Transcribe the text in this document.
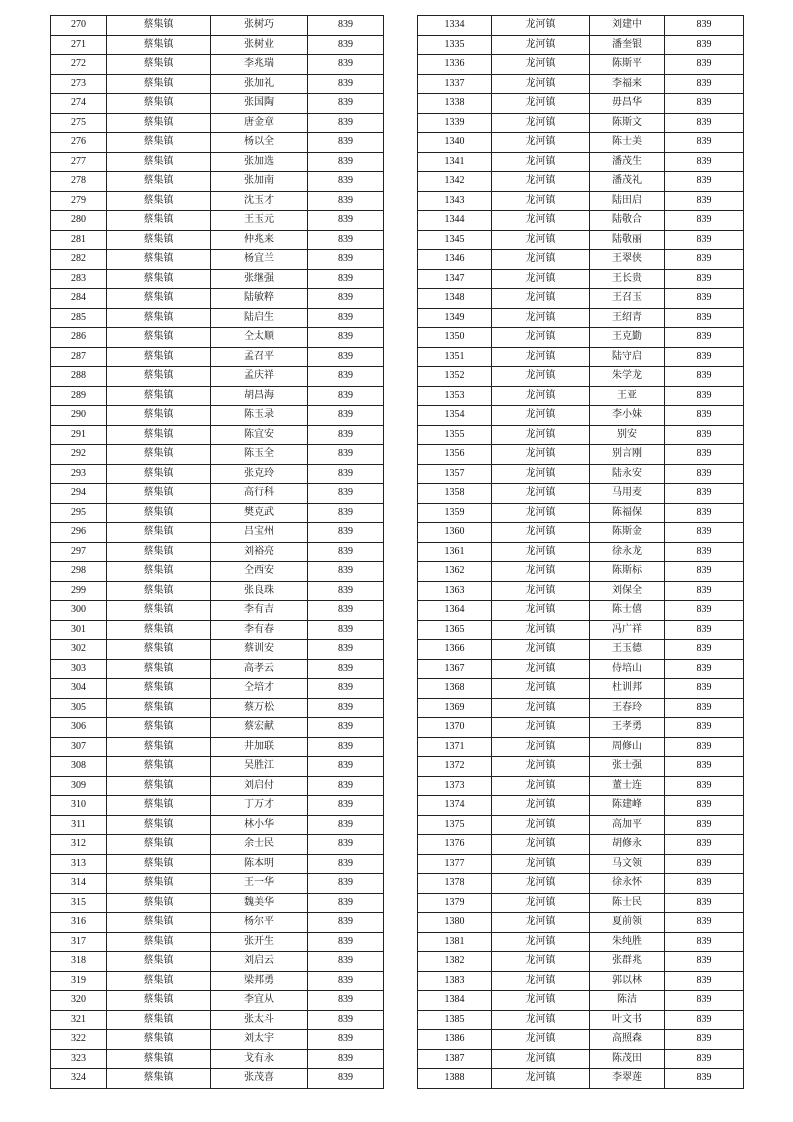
270	蔡集镇	张树巧	839
271	蔡集镇	张树业	839
272	蔡集镇	李兆瑞	839
273	蔡集镇	张加礼	839
274	蔡集镇	张国陶	839
275	蔡集镇	唐金章	839
276	蔡集镇	杨以全	839
277	蔡集镇	张加选	839
278	蔡集镇	张加南	839
279	蔡集镇	沈玉才	839
280	蔡集镇	王玉元	839
281	蔡集镇	仲兆来	839
282	蔡集镇	杨宜兰	839
283	蔡集镇	张继强	839
284	蔡集镇	陆敏粹	839
285	蔡集镇	陆启生	839
286	蔡集镇	仝太顺	839
287	蔡集镇	孟召平	839
288	蔡集镇	孟庆祥	839
289	蔡集镇	胡昌海	839
290	蔡集镇	陈玉录	839
291	蔡集镇	陈宜安	839
292	蔡集镇	陈玉全	839
293	蔡集镇	张克玲	839
294	蔡集镇	高行科	839
295	蔡集镇	樊克武	839
296	蔡集镇	吕宝州	839
297	蔡集镇	刘裕亮	839
298	蔡集镇	仝西安	839
299	蔡集镇	张良珠	839
300	蔡集镇	李有吉	839
301	蔡集镇	李有春	839
302	蔡集镇	蔡训安	839
303	蔡集镇	高孝云	839
304	蔡集镇	仝培才	839
305	蔡集镇	蔡万松	839
306	蔡集镇	蔡宏献	839
307	蔡集镇	井加联	839
308	蔡集镇	吴胜江	839
309	蔡集镇	刘启付	839
310	蔡集镇	丁万才	839
311	蔡集镇	林小华	839
312	蔡集镇	余士民	839
313	蔡集镇	陈本明	839
314	蔡集镇	王一华	839
315	蔡集镇	魏美华	839
316	蔡集镇	杨尔平	839
317	蔡集镇	张开生	839
318	蔡集镇	刘启云	839
319	蔡集镇	梁邦勇	839
320	蔡集镇	李宜从	839
321	蔡集镇	张太斗	839
322	蔡集镇	刘太宇	839
323	蔡集镇	戈有永	839
324	蔡集镇	张茂喜	839
1334	龙河镇	刘建中	839
1335	龙河镇	潘奎银	839
1336	龙河镇	陈斯平	839
1337	龙河镇	李福来	839
1338	龙河镇	毋昌华	839
1339	龙河镇	陈斯文	839
1340	龙河镇	陈士美	839
1341	龙河镇	潘茂生	839
1342	龙河镇	潘茂礼	839
1343	龙河镇	陆田启	839
1344	龙河镇	陆敬合	839
1345	龙河镇	陆敬丽	839
1346	龙河镇	王翠侠	839
1347	龙河镇	王长贵	839
1348	龙河镇	王召玉	839
1349	龙河镇	王绍青	839
1350	龙河镇	王克勤	839
1351	龙河镇	陆守启	839
1352	龙河镇	朱学龙	839
1353	龙河镇	王亚	839
1354	龙河镇	李小妹	839
1355	龙河镇	别安	839
1356	龙河镇	别言刚	839
1357	龙河镇	陆永安	839
1358	龙河镇	马用麦	839
1359	龙河镇	陈福保	839
1360	龙河镇	陈斯金	839
1361	龙河镇	徐永龙	839
1362	龙河镇	陈斯标	839
1363	龙河镇	刘保全	839
1364	龙河镇	陈士僖	839
1365	龙河镇	冯广祥	839
1366	龙河镇	王玉德	839
1367	龙河镇	侍培山	839
1368	龙河镇	杜训邦	839
1369	龙河镇	王春玲	839
1370	龙河镇	王孝勇	839
1371	龙河镇	周修山	839
1372	龙河镇	张士强	839
1373	龙河镇	董士连	839
1374	龙河镇	陈建峰	839
1375	龙河镇	高加平	839
1376	龙河镇	胡修永	839
1377	龙河镇	马文领	839
1378	龙河镇	徐永怀	839
1379	龙河镇	陈士民	839
1380	龙河镇	夏前领	839
1381	龙河镇	朱纯胜	839
1382	龙河镇	张群兆	839
1383	龙河镇	郭以林	839
1384	龙河镇	陈洁	839
1385	龙河镇	叶文书	839
1386	龙河镇	高照森	839
1387	龙河镇	陈茂田	839
1388	龙河镇	李翠莲	839
